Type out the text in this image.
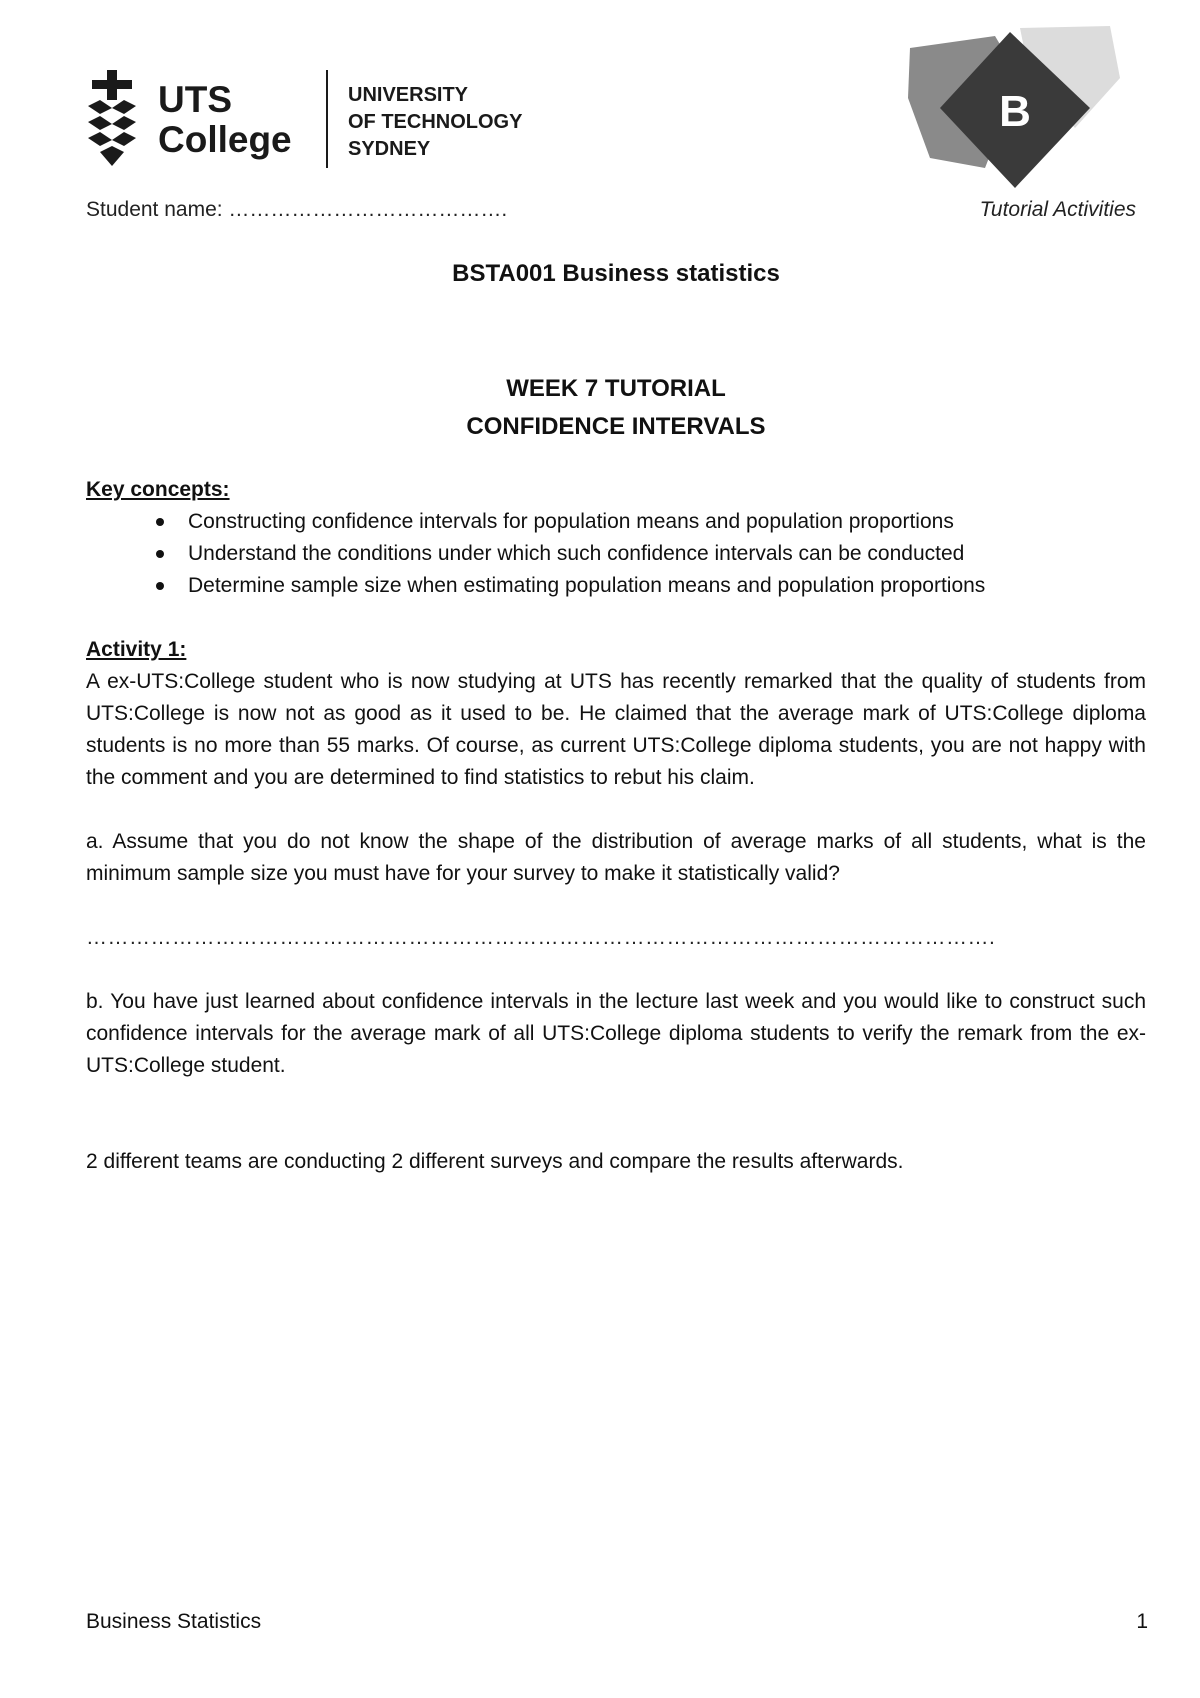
UTS
College
UNIVERSITY
OF TECHNOLOGY
SYDNEY
B
Student name: ………………………………….	Tutorial Activities
BSTA001 Business statistics
WEEK 7 TUTORIAL
CONFIDENCE INTERVALS
Key concepts:
Constructing confidence intervals for population means and population proportions
Understand the conditions under which such confidence intervals can be conducted
Determine sample size when estimating population means and population proportions
Activity 1:

A ex-UTS:College student who is now studying at UTS has recently remarked that the quality of students from UTS:College is now not as good as it used to be. He claimed that the average mark of UTS:College diploma students is no more than 55 marks. Of course, as current UTS:College diploma students, you are not happy with the comment and you are determined to find statistics to rebut his claim.

a. Assume that you do not know the shape of the distribution of average marks of all students, what is the minimum sample size you must have for your survey to make it statistically valid?

……………………………………………………………………………………………………………….

b. You have just learned about confidence intervals in the lecture last week and you would like to construct such confidence intervals for the average mark of all UTS:College diploma students to verify the remark from the ex-UTS:College student.

2 different teams are conducting 2 different surveys and compare the results afterwards.

Business Statistics	1
